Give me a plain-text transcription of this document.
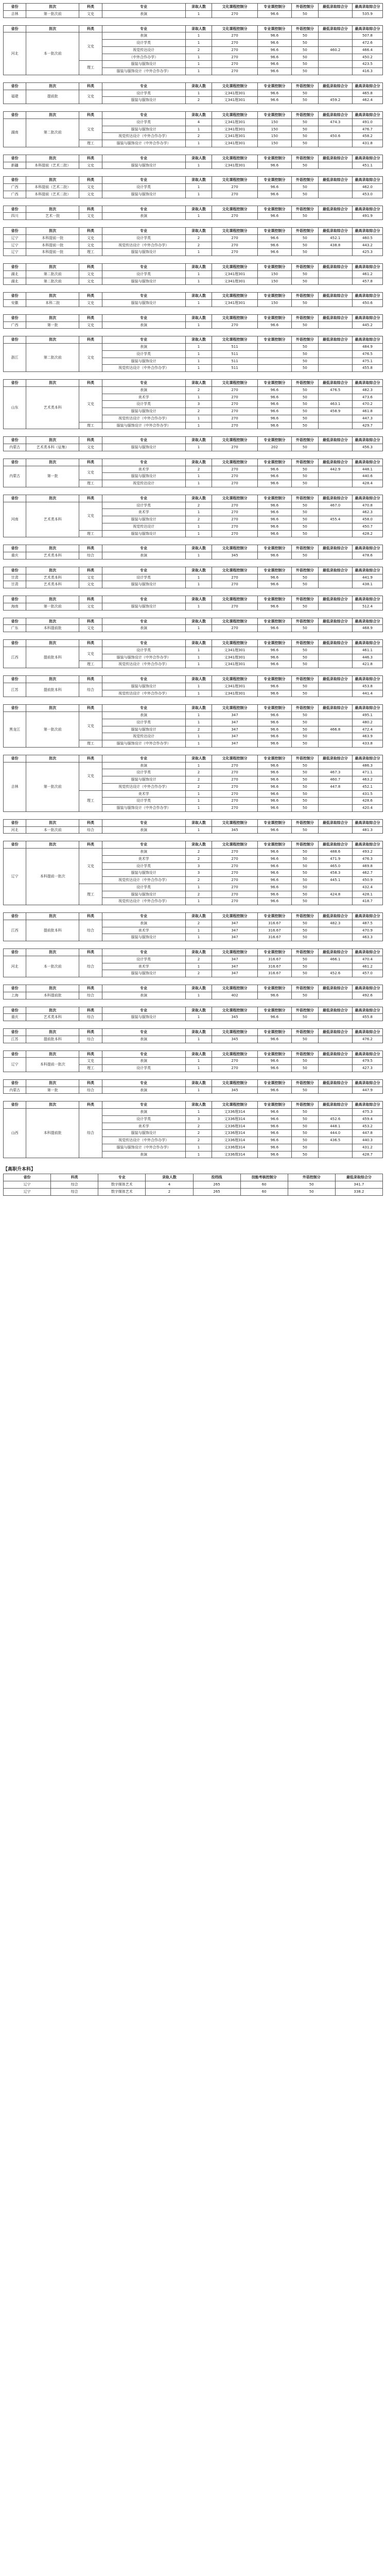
省份	批次	科类	专业	录取人数	文化课程控制分	专业课控制分	外语控制分	最低录取综合分	最高录取综合分
吉林	第一批次前	文史	表演	1	270	96.6	50		535.9
省份	批次	科类	专业	录取人数	文化课程控制分	专业课控制分	外语控制分	最低录取综合分	最高录取综合分
河北	本一批次前	文史	表演	1	270	96.6	50		507.8
			设计学类	1	270	96.6	50		472.6
			视觉传达设计	2	270	96.6	50	460.2	466.4
			（中外合作办学）	1	270	96.6	50		450.2
		理工	服装与服饰设计	1	270	96.6	50		423.5
			服装与服饰设计（中外合作办学）	1	270	96.6	50		416.3
省份	批次	科类	专业	录取人数	文化课程控制分	专业课控制分	外语控制分	最低录取综合分	最高录取综合分
福建	提前批	文史	设计学类	1	文341理301	96.6	50		465.8
			服装与服饰设计	2	文341理301	96.6	50	459.2	462.4
省份	批次	科类	专业	录取人数	文化课程控制分	专业课控制分	外语控制分	最低录取综合分	最高录取综合分
湖南	第二批次前	文史	设计学类	4	文341理301	150	50	474.3	491.0
			服装与服饰设计	1	文341理301	150	50		476.7
			视觉传达设计（中外合作办学）	2	文341理301	150	50	450.6	458.2
		理工	服装与服饰设计（中外合作办学）	1	文341理301	150	50		431.8
省份	批次	科类	专业	录取人数	文化课程控制分	专业课控制分	外语控制分	最低录取综合分	最高录取综合分
新疆	本科提前（艺术二批）	文史	服装与服饰设计	1	文341理301	96.6	50		451.1
省份	批次	科类	专业	录取人数	文化课程控制分	专业课控制分	外语控制分	最低录取综合分	最高录取综合分
广西	本科提前（艺术二批）	文史	设计学类	1	270	96.6	50		462.0
广西	本科提前（艺术二批）	文史	服装与服饰设计	1	270	96.6	50		453.0
省份	批次	科类	专业	录取人数	文化课程控制分	专业课控制分	外语控制分	最低录取综合分	最高录取综合分
四川	艺术一批	文史	表演	1	270	96.6	50		491.9
省份	批次	科类	专业	录取人数	文化课程控制分	专业课控制分	外语控制分	最低录取综合分	最高录取综合分
辽宁	本科提前一批	文史	设计学类	2	270	96.6	50	452.1	460.5
辽宁	本科提前一批	文史	视觉传达设计（中外合作办学）	2	270	96.6	50	438.8	443.2
辽宁	本科提前一批	理工	服装与服饰设计	1	270	96.6	50		425.3
省份	批次	科类	专业	录取人数	文化课程控制分	专业课控制分	外语控制分	最低录取综合分	最高录取综合分
湖北	第二批次前	文史	设计学类	1	文341理301	150	50		461.2
湖北	第二批次前	文史	服装与服饰设计	1	文341理301	150	50		457.8
省份	批次	科类	专业	录取人数	文化课程控制分	专业课控制分	外语控制分	最低录取综合分	最高录取综合分
安徽	本科二批	文史	服装与服饰设计	1	文341理301	150	50		450.6
省份	批次	科类	专业	录取人数	文化课程控制分	专业课控制分	外语控制分	最低录取综合分	最高录取综合分
广西	第一批	文史	表演	1	270	96.6	50		445.2
省份	批次	科类	专业	录取人数	文化课程控制分	专业课控制分	外语控制分	最低录取综合分	最高录取综合分
浙江	第二批次前	文史	表演	1	511		50		484.9
			设计学类	1	511		50		476.5
			服装与服饰设计	1	511		50		475.1
			视觉传达设计（中外合作办学）	1	511		50		455.8
省份	批次	科类	专业	录取人数	文化课程控制分	专业课控制分	外语控制分	最低录取综合分	最高录取综合分
山东	艺术类本科	文史	表演	2	270	96.6	50	476.5	482.3
			美术学	1	270	96.6	50		473.6
			设计学类	3	270	96.6	50	463.1	470.2
			服装与服饰设计	2	270	96.6	50	458.9	461.8
			视觉传达设计（中外合作办学）	1	270	96.6	50		447.3
		理工	服装与服饰设计（中外合作办学）	1	270	96.6	50		429.7
省份	批次	科类	专业	录取人数	文化课程控制分	专业课控制分	外语控制分	最低录取综合分	最高录取综合分
内蒙古	艺术类本科（征集）	文史	服装与服饰设计	1	270	202	50		456.3
省份	批次	科类	专业	录取人数	文化课程控制分	专业课控制分	外语控制分	最低录取综合分	最高录取综合分
内蒙古	第一批	文史	美术学	2	270	96.6	50	442.9	448.1
			服装与服饰设计	1	270	96.6	50		440.6
		理工	视觉传达设计	1	270	96.6	50		428.4
省份	批次	科类	专业	录取人数	文化课程控制分	专业课控制分	外语控制分	最低录取综合分	最高录取综合分
河南	艺术类本科	文史	设计学类	2	270	96.6	50	467.0	470.8
			美术学	1	270	96.6	50		462.3
			服装与服饰设计	2	270	96.6	50	455.4	458.0
			视觉传达设计	1	270	96.6	50		450.7
		理工	服装与服饰设计	1	270	96.6	50		428.2
省份	批次	科类	专业	录取人数	文化课程控制分	专业课控制分	外语控制分	最低录取综合分	最高录取综合分
重庆	艺术类本科	综合	表演	1	345	96.6	50		478.6
省份	批次	科类	专业	录取人数	文化课程控制分	专业课控制分	外语控制分	最低录取综合分	最高录取综合分
甘肃	艺术类本科	文史	设计学类	1	270	96.6	50		441.9
甘肃	艺术类本科	文史	服装与服饰设计	1	270	96.6	50		438.1
省份	批次	科类	专业	录取人数	文化课程控制分	专业课控制分	外语控制分	最低录取综合分	最高录取综合分
海南	第一批次前	文史	服装与服饰设计	1	270	96.6	50		512.4
省份	批次	科类	专业	录取人数	文化课程控制分	专业课控制分	外语控制分	最低录取综合分	最高录取综合分
广东	本科提前批	文史	表演	1	270	96.6	50		468.9
省份	批次	科类	专业	录取人数	文化课程控制分	专业课控制分	外语控制分	最低录取综合分	最高录取综合分
江西	提前批本科	文史	设计学类	1	文341理301	96.6	50		461.1
			服装与服饰设计（中外合作办学）	1	文341理301	96.6	50		446.3
		理工	视觉传达设计（中外合作办学）	1	文341理301	96.6	50		421.8
省份	批次	科类	专业	录取人数	文化课程控制分	专业课控制分	外语控制分	最低录取综合分	最高录取综合分
江苏	提前批本科	综合	服装与服饰设计	1	文341理301	96.6	50		453.8
			视觉传达设计（中外合作办学）	1	文341理301	96.6	50		441.4
省份	批次	科类	专业	录取人数	文化课程控制分	专业课控制分	外语控制分	最低录取综合分	最高录取综合分
黑龙江	第一批次前	文史	表演	1	347	96.6	50		495.1
			设计学类	1	347	96.6	50		480.2
			服装与服饰设计	2	347	96.6	50	466.8	472.4
			视觉传达设计	1	347	96.6	50		463.9
		理工	服装与服饰设计（中外合作办学）	1	347	96.6	50		433.8
省份	批次	科类	专业	录取人数	文化课程控制分	专业课控制分	外语控制分	最低录取综合分	最高录取综合分
吉林	第一批次前	文史	表演	1	270	96.6	50		486.3
			设计学类	2	270	96.6	50	467.3	471.1
			服装与服饰设计	2	270	96.6	50	460.7	463.2
			视觉传达设计（中外合作办学）	2	270	96.6	50	447.8	452.1
		理工	美术学	1	270	96.6	50		431.5
			设计学类	1	270	96.6	50		428.6
			服装与服饰设计（中外合作办学）	1	270	96.6	50		420.4
省份	批次	科类	专业	录取人数	文化课程控制分	专业课控制分	外语控制分	最低录取综合分	最高录取综合分
河北	本一批次前	综合	表演	1	345	96.6	50		481.3
省份	批次	科类	专业	录取人数	文化课程控制分	专业课控制分	外语控制分	最低录取综合分	最高录取综合分
辽宁	本科提前一批次	文史	表演	2	270	96.6	50	488.6	493.2
			美术学	2	270	96.6	50	471.9	476.3
			设计学类	3	270	96.6	50	465.0	469.8
			服装与服饰设计	3	270	96.6	50	458.3	462.7
			视觉传达设计（中外合作办学）	2	270	96.6	50	445.1	450.9
		理工	设计学类	1	270	96.6	50		432.4
			服装与服饰设计	2	270	96.6	50	424.8	428.1
			视觉传达设计（中外合作办学）	1	270	96.6	50		418.7
省份	批次	科类	专业	录取人数	文化课程控制分	专业课控制分	外语控制分	最低录取综合分	最高录取综合分
江西	提前批本科	综合	表演	2	347	316.67	50	482.3	487.5
			美术学	1	347	316.67	50		470.9
			服装与服饰设计	1	347	316.67	50		463.3
省份	批次	科类	专业	录取人数	文化课程控制分	专业课控制分	外语控制分	最低录取综合分	最高录取综合分
河北	本一批次前	综合	设计学类	2	347	316.67	50	466.1	470.4
			美术学	1	347	316.67	50		461.2
			服装与服饰设计	2	347	316.67	50	452.6	457.0
省份	批次	科类	专业	录取人数	文化课程控制分	专业课控制分	外语控制分	最低录取综合分	最高录取综合分
上海	本科提前批	综合	表演	1	402	96.6	50		492.6
省份	批次	科类	专业	录取人数	文化课程控制分	专业课控制分	外语控制分	最低录取综合分	最高录取综合分
重庆	艺术类本科	综合	服装与服饰设计	1	345	96.6	50		455.8
省份	批次	科类	专业	录取人数	文化课程控制分	专业课控制分	外语控制分	最低录取综合分	最高录取综合分
江苏	提前批本科	综合	表演	1	345	96.6	50		476.2
省份	批次	科类	专业	录取人数	文化课程控制分	专业课控制分	外语控制分	最低录取综合分	最高录取综合分
辽宁	本科提前一批次	文史	表演	1	270	96.6	50		479.5
		理工	设计学类	1	270	96.6	50		427.3
省份	批次	科类	专业	录取人数	文化课程控制分	专业课控制分	外语控制分	最低录取综合分	最高录取综合分
内蒙古	第一批	综合	表演	1	345	96.6	50		447.9
省份	批次	科类	专业	录取人数	文化课程控制分	专业课控制分	外语控制分	最低录取综合分	最高录取综合分
山西	本科提前批	综合	表演	1	文336理314	96.6	50		475.3
			设计学类	3	文336理314	96.6	50	452.6	459.4
			美术学	2	文336理314	96.6	50	448.1	453.2
			服装与服饰设计	2	文336理314	96.6	50	444.0	447.8
			视觉传达设计（中外合作办学）	2	文336理314	96.6	50	436.5	440.3
			服装与服饰设计（中外合作办学）	1	文336理314	96.6	50		431.2
			表演	1	文336理314	96.6	50		428.7
【高职升本科】
省份	科类	专业	录取人数	投档线	技能考核控制分	外语控制分	最低录取综合分
辽宁	综合	数字媒体艺术	4	265	60	50	341.7
辽宁	综合	数字媒体艺术	2	265	60	50	338.2
